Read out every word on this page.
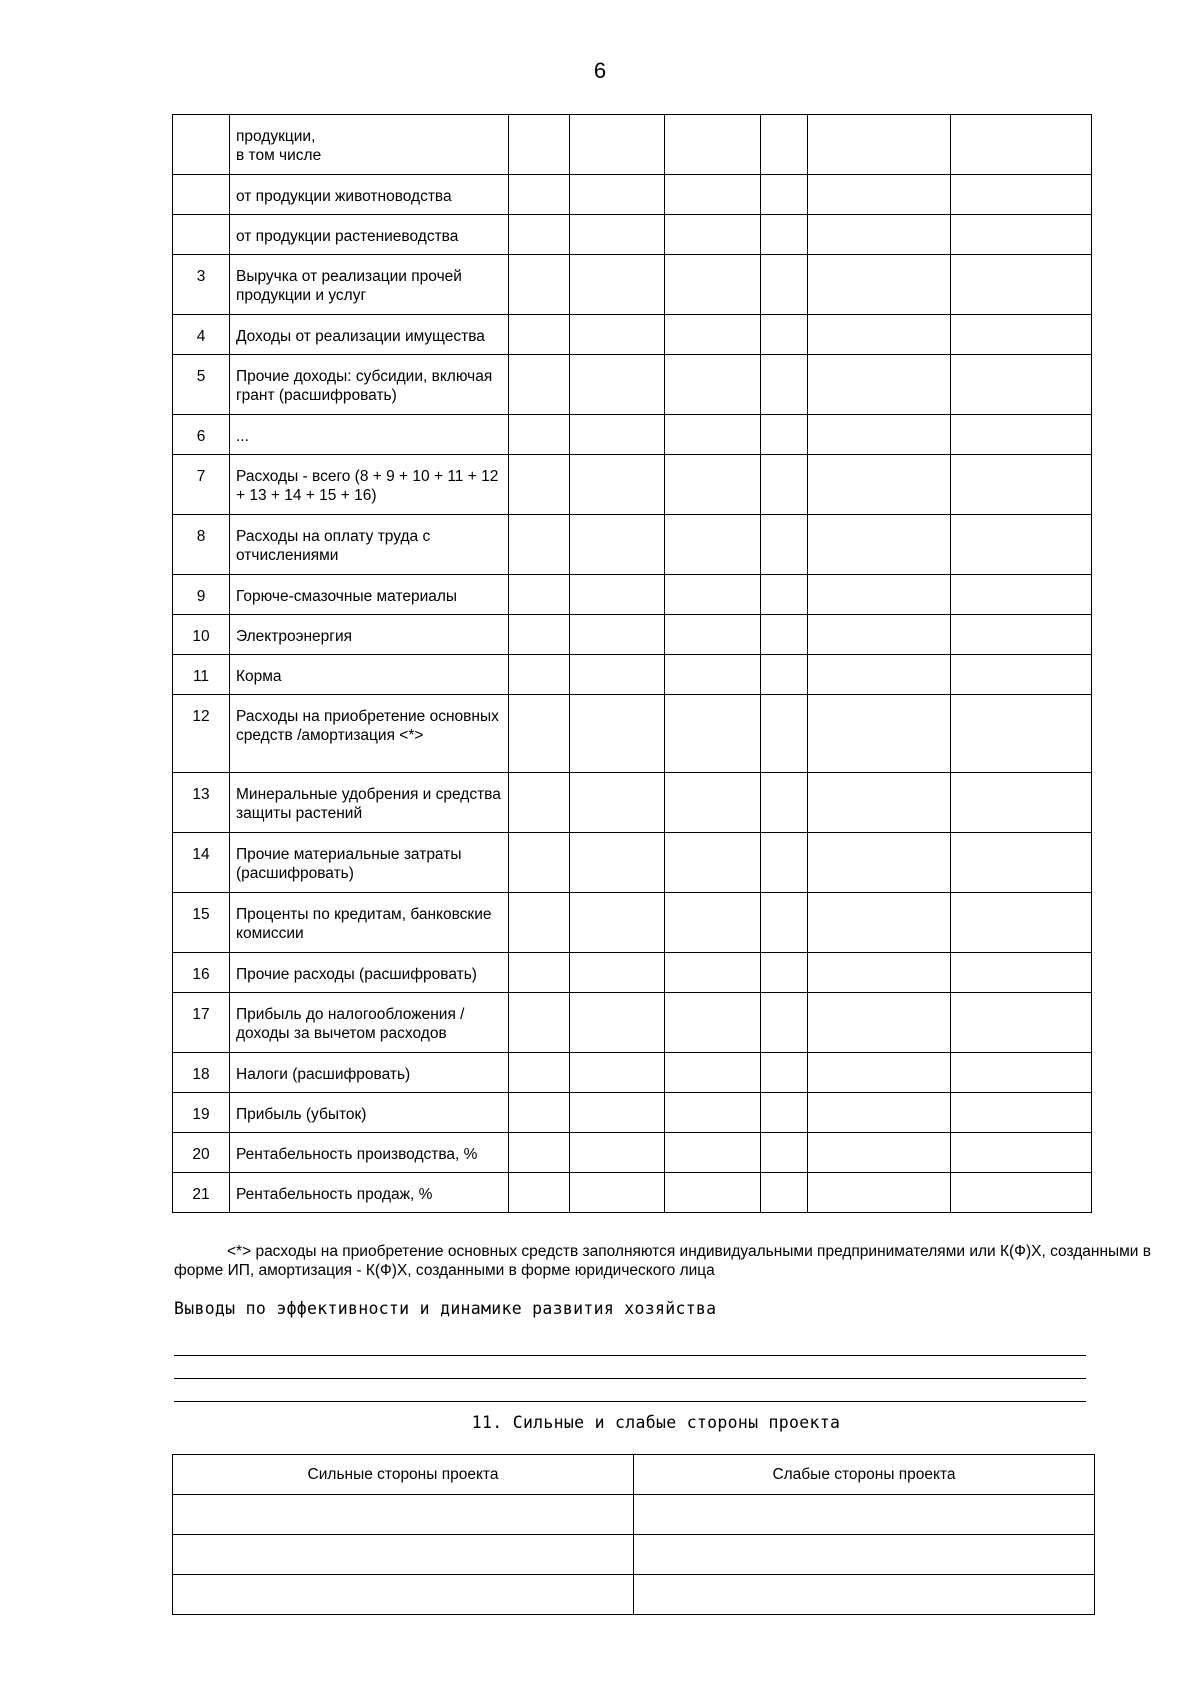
6
	продукции,
в том числе						
	от продукции животноводства						
	от продукции растениеводства						
3	Выручка от реализации прочей продукции и услуг						
4	Доходы от реализации имущества						
5	Прочие доходы: субсидии, включая грант (расшифровать)						
6	...						
7	Расходы - всего (8 + 9 + 10 + 11 + 12 + 13 + 14 + 15 + 16)						
8	Расходы на оплату труда с отчислениями						
9	Горюче-смазочные материалы						
10	Электроэнергия						
11	Корма						
12	Расходы на приобретение основных средств /амортизация <*>						
13	Минеральные удобрения и средства защиты растений						
14	Прочие материальные затраты (расшифровать)						
15	Проценты по кредитам, банковские комиссии						
16	Прочие расходы (расшифровать)						
17	Прибыль до налогообложения / доходы за вычетом расходов						
18	Налоги (расшифровать)						
19	Прибыль (убыток)						
20	Рентабельность производства, %						
21	Рентабельность продаж, %						
<*> расходы на приобретение основных средств заполняются индивидуальными предпринимателями или К(Ф)Х, созданными в форме ИП, амортизация - К(Ф)Х, созданными в форме юридического лица
Выводы по эффективности и динамике развития хозяйства
11. Сильные и слабые стороны проекта
Сильные стороны проекта	Слабые стороны проекта
